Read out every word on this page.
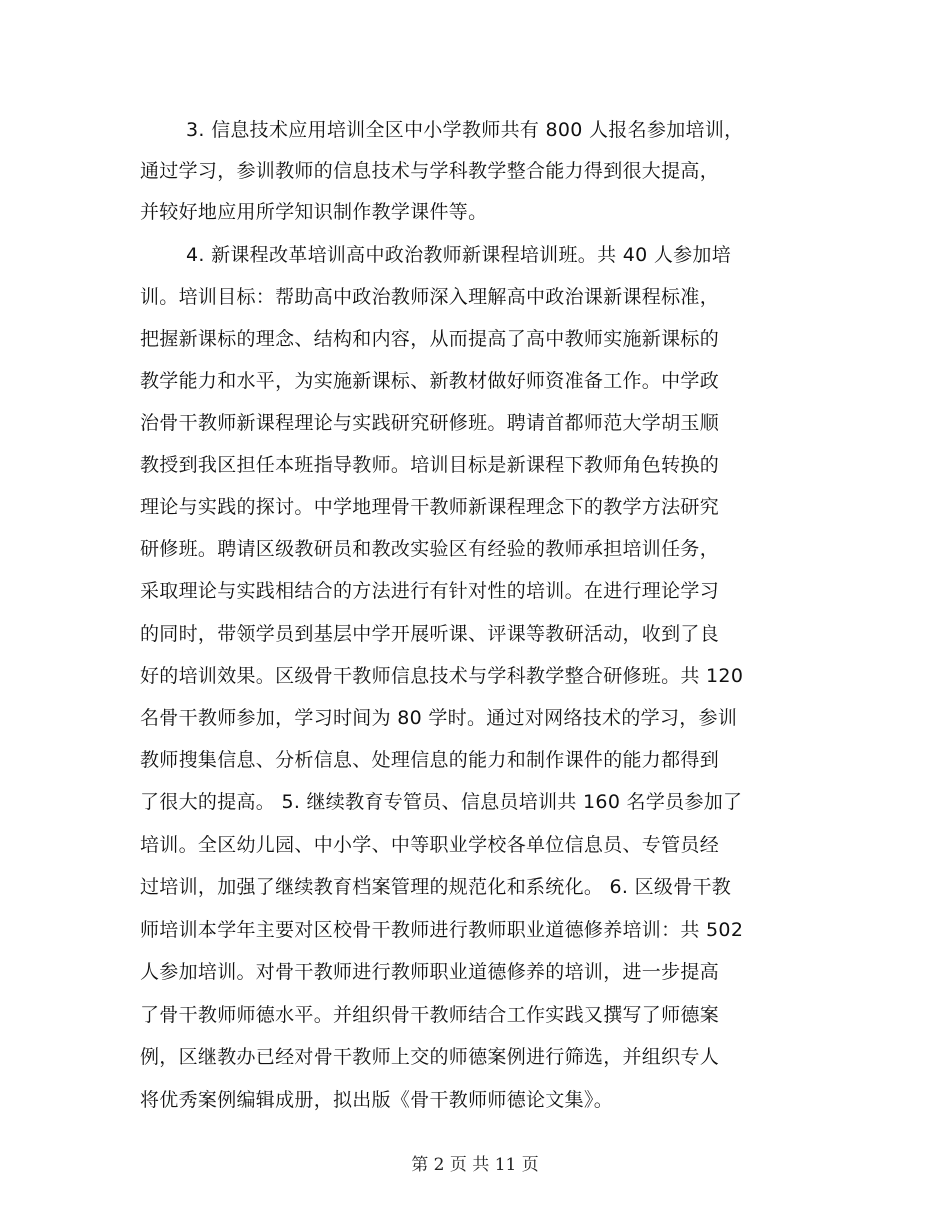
3. 信息技术应用培训全区中小学教师共有 800 人报名参加培训，
通过学习，参训教师的信息技术与学科教学整合能力得到很大提高，
并较好地应用所学知识制作教学课件等。
4. 新课程改革培训高中政治教师新课程培训班。共 40 人参加培
训。培训目标：帮助高中政治教师深入理解高中政治课新课程标准，
把握新课标的理念、结构和内容，从而提高了高中教师实施新课标的
教学能力和水平，为实施新课标、新教材做好师资准备工作。中学政
治骨干教师新课程理论与实践研究研修班。聘请首都师范大学胡玉顺
教授到我区担任本班指导教师。培训目标是新课程下教师角色转换的
理论与实践的探讨。中学地理骨干教师新课程理念下的教学方法研究
研修班。聘请区级教研员和教改实验区有经验的教师承担培训任务，
采取理论与实践相结合的方法进行有针对性的培训。在进行理论学习
的同时，带领学员到基层中学开展听课、评课等教研活动，收到了良
好的培训效果。区级骨干教师信息技术与学科教学整合研修班。共 120
名骨干教师参加，学习时间为 80 学时。通过对网络技术的学习，参训
教师搜集信息、分析信息、处理信息的能力和制作课件的能力都得到
了很大的提高。 5. 继续教育专管员、信息员培训共 160 名学员参加了
培训。全区幼儿园、中小学、中等职业学校各单位信息员、专管员经
过培训，加强了继续教育档案管理的规范化和系统化。 6. 区级骨干教
师培训本学年主要对区校骨干教师进行教师职业道德修养培训：共 502
人参加培训。对骨干教师进行教师职业道德修养的培训，进一步提高
了骨干教师师德水平。并组织骨干教师结合工作实践又撰写了师德案
例，区继教办已经对骨干教师上交的师德案例进行筛选，并组织专人
将优秀案例编辑成册，拟出版《骨干教师师德论文集》。
第 2 页 共 11 页
